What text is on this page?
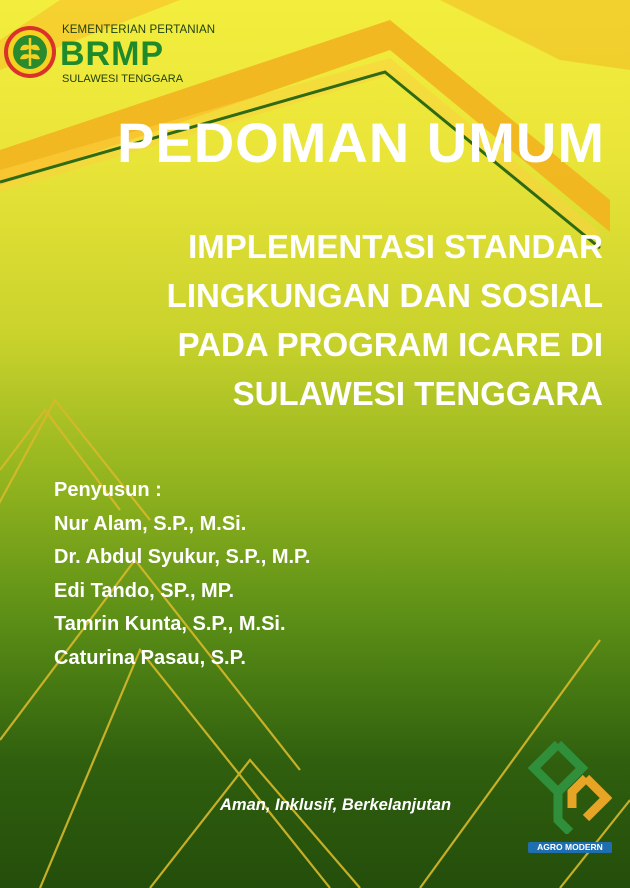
KEMENTERIAN PERTANIAN
BRMP
SULAWESI TENGGARA
PEDOMAN UMUM
IMPLEMENTASI STANDAR
LINGKUNGAN DAN SOSIAL
PADA PROGRAM ICARE DI
SULAWESI TENGGARA
Penyusun :
Nur Alam, S.P., M.Si.
Dr. Abdul Syukur, S.P., M.P.
Edi Tando, SP., MP.
Tamrin Kunta, S.P., M.Si.
Caturina Pasau, S.P.
Aman, Inklusif, Berkelanjutan
AGRO MODERN
